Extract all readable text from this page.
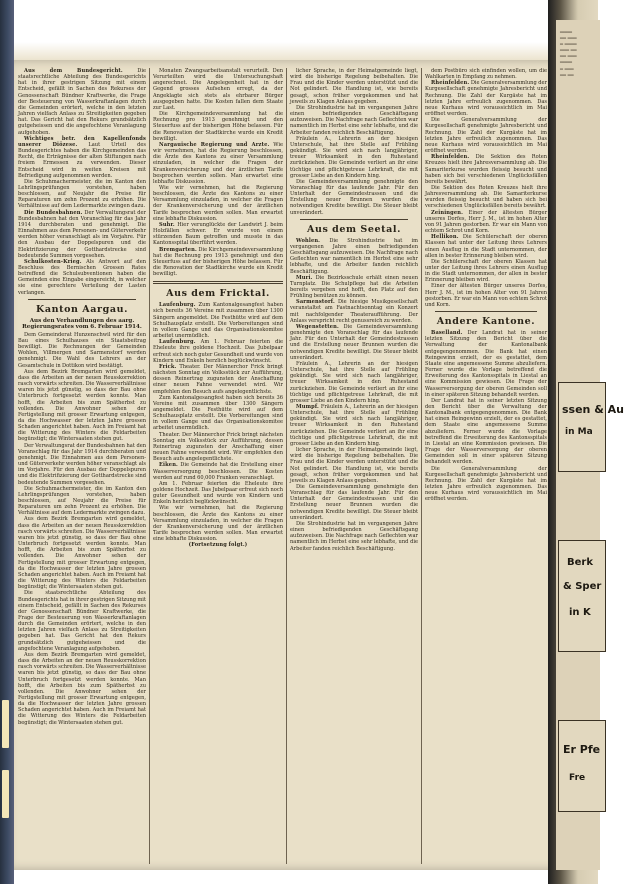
Aus dem Bundesgericht.	Die staatsrechtliche Abteilung des Bundesgerichts hat in ihrer gestrigen Sitzung mit einem Entscheid, gefällt in Sachen des Rekurses der Genossenschaft Bündner Kraftwerke, die Frage der Besteuerung von Wasserkraftanlagen durch die Gemeinden erörtert, welche in den letzten Jahren vielfach Anlass zu Streitigkeiten gegeben hat. Das Gericht hat den Rekurs grundsätzlich gutgeheissen und die angefochtene Veranlagung aufgehoben.

Wichtiges betr. den Kapellenfonds unserer Diözese. Laut Urteil des Bundesgerichtes haben die Kirchgemeinden das Recht, die Erträgnisse der alten Stiftungen nach freiem Ermessen zu verwenden. Dieser Entscheid wird in weiten Kreisen mit Befriedigung aufgenommen werden.

Die Schuhmachermeister, die im Kanton den Lehrlingsprüfungen vorstehen, haben beschlossen, auf Neujahr die Preise für Reparaturen um zehn Prozent zu erhöhen. Die Verhältnisse auf dem Ledermarkte zwingen dazu.

Die Bundesbahnen. Der Verwaltungsrat der Bundesbahnen hat den Voranschlag für das Jahr 1914 durchberaten und genehmigt. Die Einnahmen aus dem Personen- und Güterverkehr werden höher veranschlagt als im Vorjahre. Für den Ausbau der Doppelspuren und die Elektrifizierung der Gotthardstrecke sind bedeutende Summen vorgesehen.

Schulkosten-Krieg. Als Antwort auf den Beschluss des Bernischen Grossen Rates betreffend die Schulsubventionen haben die Gemeinden eine Eingabe eingereicht, in welcher sie eine gerechtere Verteilung der Lasten verlangen.

Kanton Aargau.
Aus den Verhandlungen des aarg. Regierungsrates vom 6. Februar 1914.

Dem Gemeinderat Hunzenschwil wird für den Bau eines Schulhauses ein Staatsbeitrag bewilligt. Die Rechnungen der Gemeinden Wohlen, Villmergen und Sarmenstorf werden genehmigt. Die Wahl des Lehrers an der Gesamtschule in Dottikon wird bestätigt.

Aus dem Bezirk Bremgarten wird gemeldet, dass die Arbeiten an der neuen Reusskorrektion rasch vorwärts schreiten. Die Wasserverhältnisse waren bis jetzt günstig, so dass der Bau ohne Unterbruch fortgesetzt werden konnte. Man hofft, die Arbeiten bis zum Spätherbst zu vollenden. Die Anwohner sehen der Fertigstellung mit grosser Erwartung entgegen, da die Hochwasser der letzten Jahre grossen Schaden angerichtet haben. Auch im Freiamt hat die Witterung des Winters die Feldarbeiten begünstigt; die Wintersaaten stehen gut.

Der Verwaltungsrat der Bundesbahnen hat den Voranschlag für das Jahr 1914 durchberaten und genehmigt. Die Einnahmen aus dem Personen- und Güterverkehr werden höher veranschlagt als im Vorjahre. Für den Ausbau der Doppelspuren und die Elektrifizierung der Gotthardstrecke sind bedeutende Summen vorgesehen.

Die Schuhmachermeister, die im Kanton den Lehrlingsprüfungen vorstehen, haben beschlossen, auf Neujahr die Preise für Reparaturen um zehn Prozent zu erhöhen. Die Verhältnisse auf dem Ledermarkte zwingen dazu.

Aus dem Bezirk Bremgarten wird gemeldet, dass die Arbeiten an der neuen Reusskorrektion rasch vorwärts schreiten. Die Wasserverhältnisse waren bis jetzt günstig, so dass der Bau ohne Unterbruch fortgesetzt werden konnte. Man hofft, die Arbeiten bis zum Spätherbst zu vollenden. Die Anwohner sehen der Fertigstellung mit grosser Erwartung entgegen, da die Hochwasser der letzten Jahre grossen Schaden angerichtet haben. Auch im Freiamt hat die Witterung des Winters die Feldarbeiten begünstigt; die Wintersaaten stehen gut.

Die staatsrechtliche Abteilung des Bundesgerichts hat in ihrer gestrigen Sitzung mit einem Entscheid, gefällt in Sachen des Rekurses der Genossenschaft Bündner Kraftwerke, die Frage der Besteuerung von Wasserkraftanlagen durch die Gemeinden erörtert, welche in den letzten Jahren vielfach Anlass zu Streitigkeiten gegeben hat. Das Gericht hat den Rekurs grundsätzlich gutgeheissen und die angefochtene Veranlagung aufgehoben.

Aus dem Bezirk Bremgarten wird gemeldet, dass die Arbeiten an der neuen Reusskorrektion rasch vorwärts schreiten. Die Wasserverhältnisse waren bis jetzt günstig, so dass der Bau ohne Unterbruch fortgesetzt werden konnte. Man hofft, die Arbeiten bis zum Spätherbst zu vollenden. Die Anwohner sehen der Fertigstellung mit grosser Erwartung entgegen, da die Hochwasser der letzten Jahre grossen Schaden angerichtet haben. Auch im Freiamt hat die Witterung des Winters die Feldarbeiten begünstigt; die Wintersaaten stehen gut.

Monaten Zwangsarbeitsanstalt verurteilt. Den Verurteilten wird die Untersuchungshaft angerechnet. Die Angelegenheit hat in der Gegend grosses Aufsehen erregt, da der Angeklagte sich stets als ehrbarer Bürger ausgegeben hatte. Die Kosten fallen dem Staate zur Last.

Die Kirchgemeindeversammlung hat die Rechnung pro 1913 genehmigt und den Steuerfuss auf der bisherigen Höhe belassen. Für die Renovation der Stadtkirche wurde ein Kredit bewilligt.

Nargauische Regierung und Arzte. Wie wir vernehmen, hat die Regierung beschlossen, die Ärzte des Kantons zu einer Versammlung einzuladen, in welcher die Fragen der Krankenversicherung und der ärztlichen Tarife besprochen werden sollen. Man erwartet eine lebhafte Diskussion.

Wie wir vernehmen, hat die Regierung beschlossen, die Ärzte des Kantons zu einer Versammlung einzuladen, in welcher die Fragen der Krankenversicherung und der ärztlichen Tarife besprochen werden sollen. Man erwartet eine lebhafte Diskussion.

Suhr. Hier verunglückte der Landwirt J. beim Holzfällen schwer. Er wurde von einem stürzenden Baum getroffen und musste in das Kantonsspital überführt werden.

Bremgarten. Die Kirchgemeindeversammlung hat die Rechnung pro 1913 genehmigt und den Steuerfuss auf der bisherigen Höhe belassen. Für die Renovation der Stadtkirche wurde ein Kredit bewilligt.

Aus dem Fricktal.

Laufenburg. Zum Kantonalgesangfest haben sich bereits 36 Vereine mit zusammen über 1300 Sängern angemeldet. Die Festhütte wird auf dem Schulhausplatz erstellt. Die Vorbereitungen sind in vollem Gange und das Organisationskomitee arbeitet unermüdlich.

Laufenburg. Am 1. Februar feierten die Eheleute ihre goldene Hochzeit. Das Jubelpaar erfreut sich noch guter Gesundheit und wurde von Kindern und Enkeln herzlich beglückwünscht.

Frick. Theater. Der Männerchor Frick bringt nächsten Sonntag ein Volksstück zur Aufführung, dessen Reinertrag zugunsten der Anschaffung einer neuen Fahne verwendet wird. Wir empfehlen den Besuch aufs angelegentlichste.

Zum Kantonalgesangfest haben sich bereits 36 Vereine mit zusammen über 1300 Sängern angemeldet. Die Festhütte wird auf dem Schulhausplatz erstellt. Die Vorbereitungen sind in vollem Gange und das Organisationskomitee arbeitet unermüdlich.

Theater. Der Männerchor Frick bringt nächsten Sonntag ein Volksstück zur Aufführung, dessen Reinertrag zugunsten der Anschaffung einer neuen Fahne verwendet wird. Wir empfehlen den Besuch aufs angelegentlichste.

Eiken. Die Gemeinde hat die Erstellung einer Wasserversorgung beschlossen. Die Kosten werden auf rund 60,000 Franken veranschlagt.

Am 1. Februar feierten die Eheleute ihre goldene Hochzeit. Das Jubelpaar erfreut sich noch guter Gesundheit und wurde von Kindern und Enkeln herzlich beglückwünscht.

Wie wir vernehmen, hat die Regierung beschlossen, die Ärzte des Kantons zu einer Versammlung einzuladen, in welcher die Fragen der Krankenversicherung und der ärztlichen Tarife besprochen werden sollen. Man erwartet eine lebhafte Diskussion.

(Fortsetzung folgt.)

licher Sprache, in der Heimatgemeinde liegt, wird die bisherige Regelung beibehalten. Die Frau und die Kinder werden unterstützt und die Not gelindert. Die Handlung ist, wie bereits gesagt, schon früher vorgekommen und hat jeweils zu Klagen Anlass gegeben.

Die Strohindustrie hat im vergangenen Jahre einen befriedigenden Geschäftsgang aufzuweisen. Die Nachfrage nach Geflechten war namentlich im Herbst eine sehr lebhafte, und die Arbeiter fanden reichlich Beschäftigung.

Fräulein A., Lehrerin an der hiesigen Unterschule, hat ihre Stelle auf Frühling gekündigt. Sie wird sich nach langjähriger, treuer Wirksamkeit in den Ruhestand zurückziehen. Die Gemeinde verliert an ihr eine tüchtige und pflichtgetreue Lehrkraft, die mit grosser Liebe an den Kindern hing.

Die Gemeindeversammlung genehmigte den Voranschlag für das laufende Jahr. Für den Unterhalt der Gemeindestrassen und die Erstellung neuer Brunnen wurden die notwendigen Kredite bewilligt. Die Steuer bleibt unverändert.

Aus dem Seetal.

Wohlen. Die Strohindustrie hat im vergangenen Jahre einen befriedigenden Geschäftsgang aufzuweisen. Die Nachfrage nach Geflechten war namentlich im Herbst eine sehr lebhafte, und die Arbeiter fanden reichlich Beschäftigung.

Muri. Die Bezirksschule erhält einen neuen Turnplatz. Die Schulpflege hat die Arbeiten bereits vergeben und hofft, den Platz auf den Frühling benützen zu können.

Sarmenstorf. Die hiesige Musikgesellschaft veranstaltet am Fastnachtsonntag ein Konzert mit nachfolgender Theateraufführung. Der Anlass verspricht recht genussreich zu werden.

Wegenstetten. Die Gemeindeversammlung genehmigte den Voranschlag für das laufende Jahr. Für den Unterhalt der Gemeindestrassen und die Erstellung neuer Brunnen wurden die notwendigen Kredite bewilligt. Die Steuer bleibt unverändert.

Fräulein A., Lehrerin an der hiesigen Unterschule, hat ihre Stelle auf Frühling gekündigt. Sie wird sich nach langjähriger, treuer Wirksamkeit in den Ruhestand zurückziehen. Die Gemeinde verliert an ihr eine tüchtige und pflichtgetreue Lehrkraft, die mit grosser Liebe an den Kindern hing.

Mumpf. Fräulein A., Lehrerin an der hiesigen Unterschule, hat ihre Stelle auf Frühling gekündigt. Sie wird sich nach langjähriger, treuer Wirksamkeit in den Ruhestand zurückziehen. Die Gemeinde verliert an ihr eine tüchtige und pflichtgetreue Lehrkraft, die mit grosser Liebe an den Kindern hing.

licher Sprache, in der Heimatgemeinde liegt, wird die bisherige Regelung beibehalten. Die Frau und die Kinder werden unterstützt und die Not gelindert. Die Handlung ist, wie bereits gesagt, schon früher vorgekommen und hat jeweils zu Klagen Anlass gegeben.

Die Gemeindeversammlung genehmigte den Voranschlag für das laufende Jahr. Für den Unterhalt der Gemeindestrassen und die Erstellung neuer Brunnen wurden die notwendigen Kredite bewilligt. Die Steuer bleibt unverändert.

Die Strohindustrie hat im vergangenen Jahre einen befriedigenden Geschäftsgang aufzuweisen. Die Nachfrage nach Geflechten war namentlich im Herbst eine sehr lebhafte, und die Arbeiter fanden reichlich Beschäftigung.

dem Postbüro sich einfinden wollen, um die Wahlkarten in Empfang zu nehmen.

Rheinfelden. Die Generalversammlung der Kurgesellschaft genehmigte Jahresbericht und Rechnung. Die Zahl der Kurgäste hat im letzten Jahre erfreulich zugenommen. Das neue Kurhaus wird voraussichtlich im Mai eröffnet werden.

Die Generalversammlung der Kurgesellschaft genehmigte Jahresbericht und Rechnung. Die Zahl der Kurgäste hat im letzten Jahre erfreulich zugenommen. Das neue Kurhaus wird voraussichtlich im Mai eröffnet werden.

Rheinfelden. Die Sektion des Roten Kreuzes hielt ihre Jahresversammlung ab. Die Samariterkurse wurden fleissig besucht und haben sich bei verschiedenen Unglücksfällen bereits bewährt.

Die Sektion des Roten Kreuzes hielt ihre Jahresversammlung ab. Die Samariterkurse wurden fleissig besucht und haben sich bei verschiedenen Unglücksfällen bereits bewährt.

Zeiningen. Einer der ältesten Bürger unseres Dorfes, Herr J. M., ist im hohen Alter von 91 Jahren gestorben. Er war ein Mann von echtem Schrot und Korn.

Hellikon. Die Schülerschaft der oberen Klassen hat unter der Leitung ihres Lehrers einen Ausflug in die Stadt unternommen, der allen in bester Erinnerung bleiben wird.

Die Schülerschaft der oberen Klassen hat unter der Leitung ihres Lehrers einen Ausflug in die Stadt unternommen, der allen in bester Erinnerung bleiben wird.

Einer der ältesten Bürger unseres Dorfes, Herr J. M., ist im hohen Alter von 91 Jahren gestorben. Er war ein Mann von echtem Schrot und Korn.

Andere Kantone.

Baselland. Der Landrat hat in seiner letzten Sitzung den Bericht über die Verwaltung der Kantonalbank entgegengenommen. Die Bank hat einen Reingewinn erzielt, der es gestattet, dem Staate eine angemessene Summe abzuliefern. Ferner wurde die Vorlage betreffend die Erweiterung des Kantonsspitals in Liestal an eine Kommission gewiesen. Die Frage der Wasserversorgung der oberen Gemeinden soll in einer späteren Sitzung behandelt werden.

Der Landrat hat in seiner letzten Sitzung den Bericht über die Verwaltung der Kantonalbank entgegengenommen. Die Bank hat einen Reingewinn erzielt, der es gestattet, dem Staate eine angemessene Summe abzuliefern. Ferner wurde die Vorlage betreffend die Erweiterung des Kantonsspitals in Liestal an eine Kommission gewiesen. Die Frage der Wasserversorgung der oberen Gemeinden soll in einer späteren Sitzung behandelt werden.

Die Generalversammlung der Kurgesellschaft genehmigte Jahresbericht und Rechnung. Die Zahl der Kurgäste hat im letzten Jahre erfreulich zugenommen. Das neue Kurhaus wird voraussichtlich im Mai eröffnet werden.

════
══ ═══
═ ════
═══ ══
══ ═══
════
═ ═══
══ ══
ssen & Au
in Ma
Berk
& Sper
in K
Er Pfe
Fre
